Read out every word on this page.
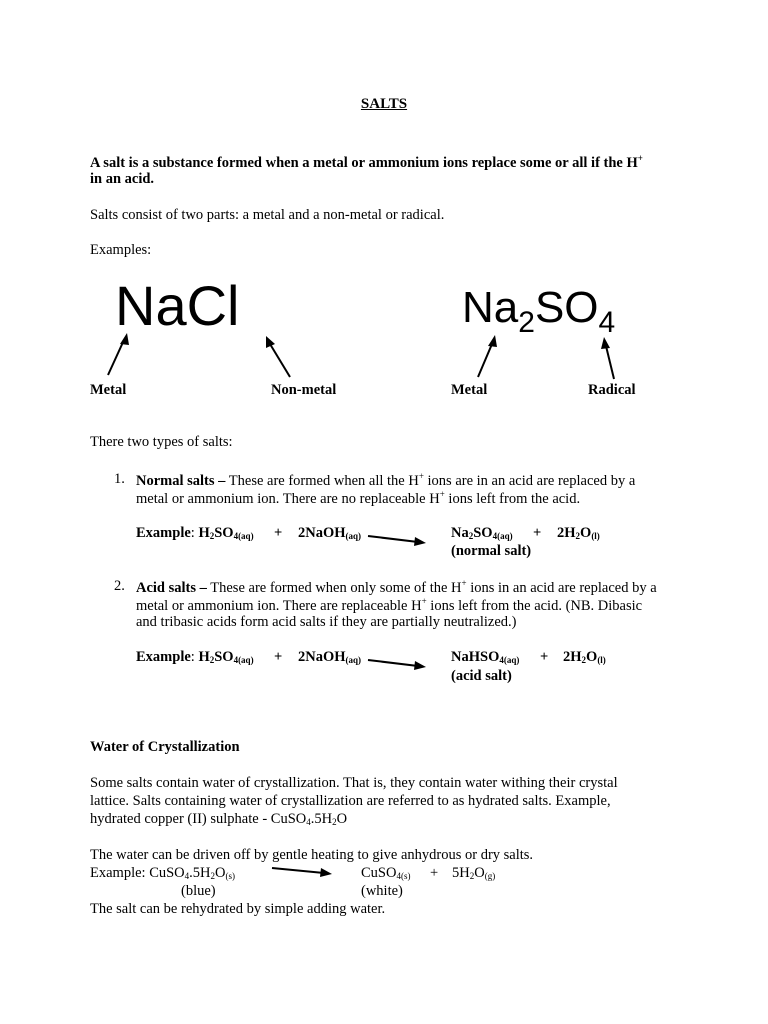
SALTS
A salt is a substance formed when a metal or ammonium ions replace some or all if the H+
in an acid.
Salts consist of two parts: a metal and a non-metal or radical.
Examples:
NaCl	$Na_2SO_4$
Metal	Non-metal	Metal	Radical
There two types of salts:
1. Normal salts – These are formed when all the H+ ions are in an acid are replaced by a
metal or ammonium ion. There are no replaceable H+ ions left from the acid.
Example: $H_2SO_{4(aq)}$ + 2NaOH$_{(aq)}$	$Na_2SO_{4(aq)} + 2H_2O_{(l)}$
(normal salt)
2. Acid salts – These are formed when only some of the H+ ions in an acid are replaced by a
metal or ammonium ion. There are replaceable H+ ions left from the acid. (NB. Dibasic
and tribasic acids form acid salts if they are partially neutralized.)
Example: $H_2SO_{4(aq)}$ + 2NaOH$_{(aq)}$	NaHSO$_{4(aq)}$ + $2H_2O_{(l)}$
(acid salt)
Water of Crystallization
Some salts contain water of crystallization. That is, they contain water withing their crystal
lattice. Salts containing water of crystallization are referred to as hydrated salts. Example,
hydrated copper (II) sulphate - $CuSO_4.5H_2O$
The water can be driven off by gentle heating to give anhydrous or dry salts.
Example: $CuSO_4.5H_2O_{(s)}$	CuSO$_{4(s)}$ + $5H_2O_{(g)}$
(blue)	(white)
The salt can be rehydrated by simple adding water.
